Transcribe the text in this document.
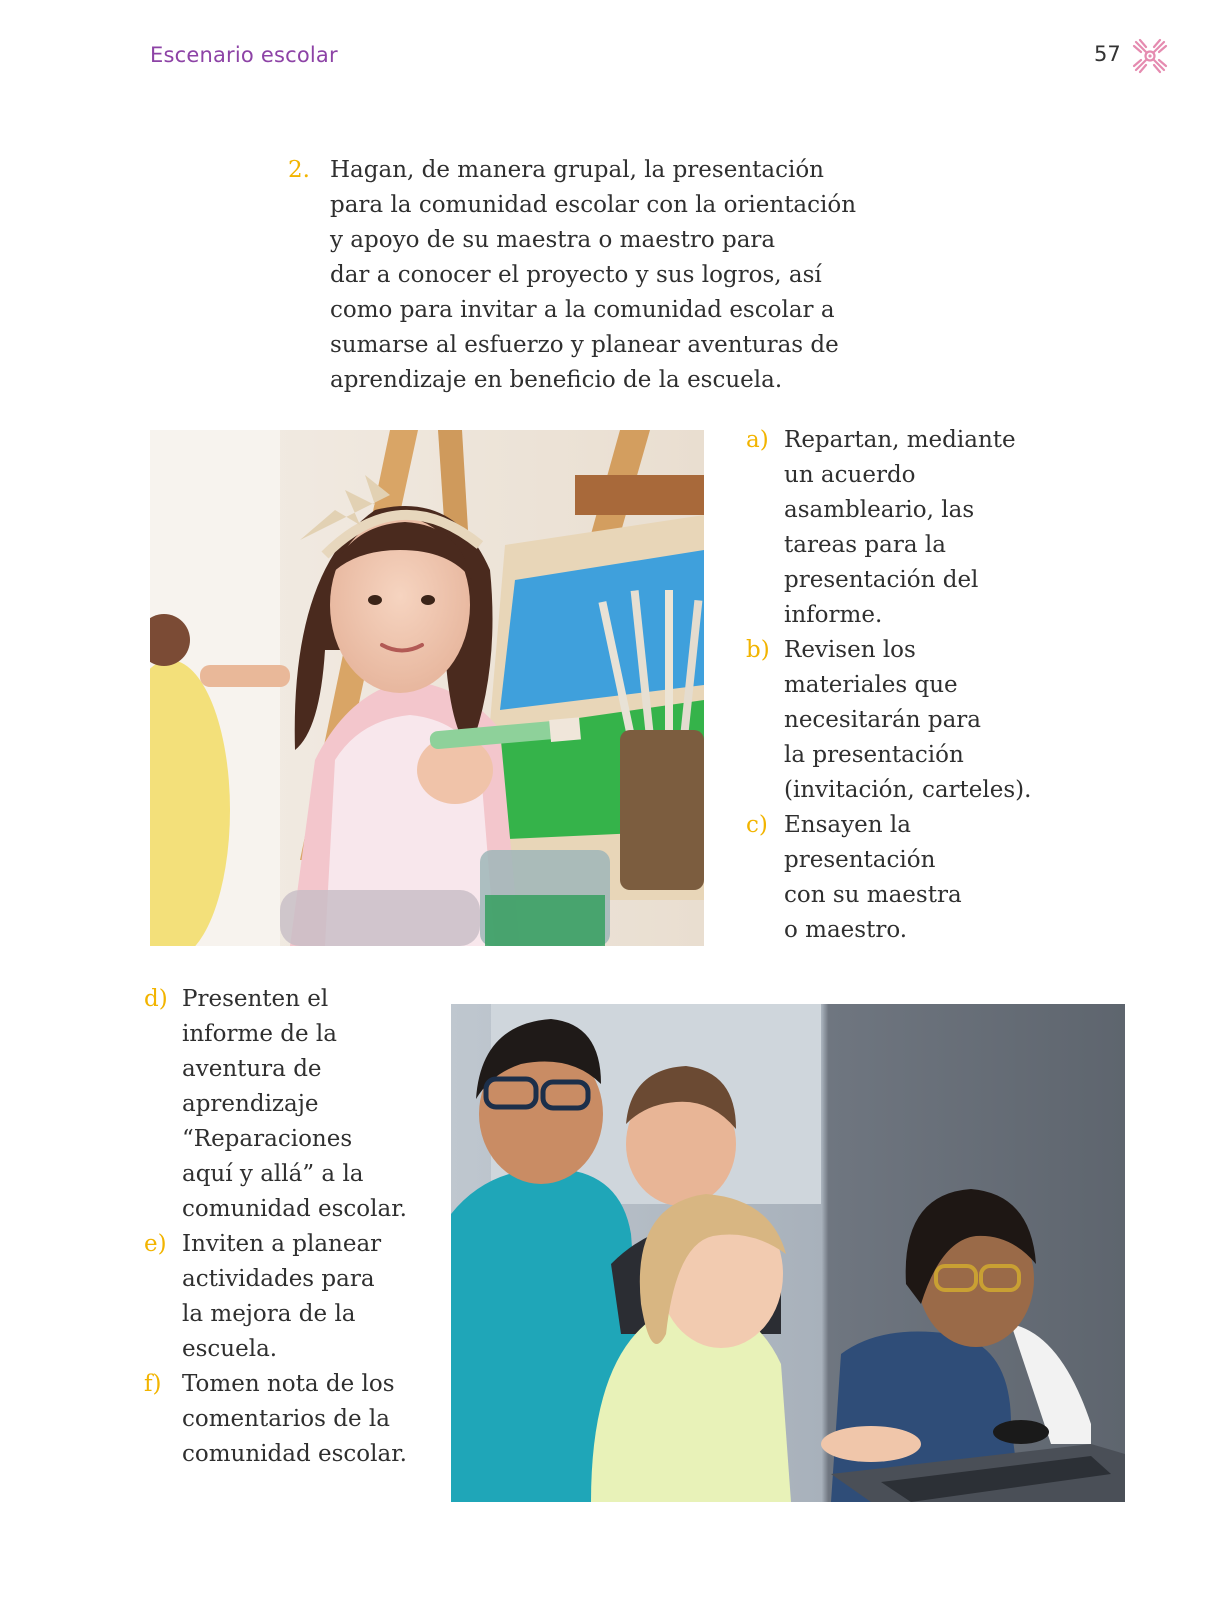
Escenario escolar	57
2. Hagan, de manera grupal, la presentación
para la comunidad escolar con la orientación
y apoyo de su maestra o maestro para
dar a conocer el proyecto y sus logros, así
como para invitar a la comunidad escolar a
sumarse al esfuerzo y planear aventuras de
aprendizaje en beneficio de la escuela.
a) Repartan, mediante
un acuerdo
asambleario, las
tareas para la
presentación del
informe.
b) Revisen los
materiales que
necesitarán para
la presentación
(invitación, carteles).
c) Ensayen la
presentación
con su maestra
o maestro.
d) Presenten el
informe de la
aventura de
aprendizaje
“Reparaciones
aquí y allá” a la
comunidad escolar.
e) Inviten a planear
actividades para
la mejora de la
escuela.
f) Tomen nota de los
comentarios de la
comunidad escolar.
